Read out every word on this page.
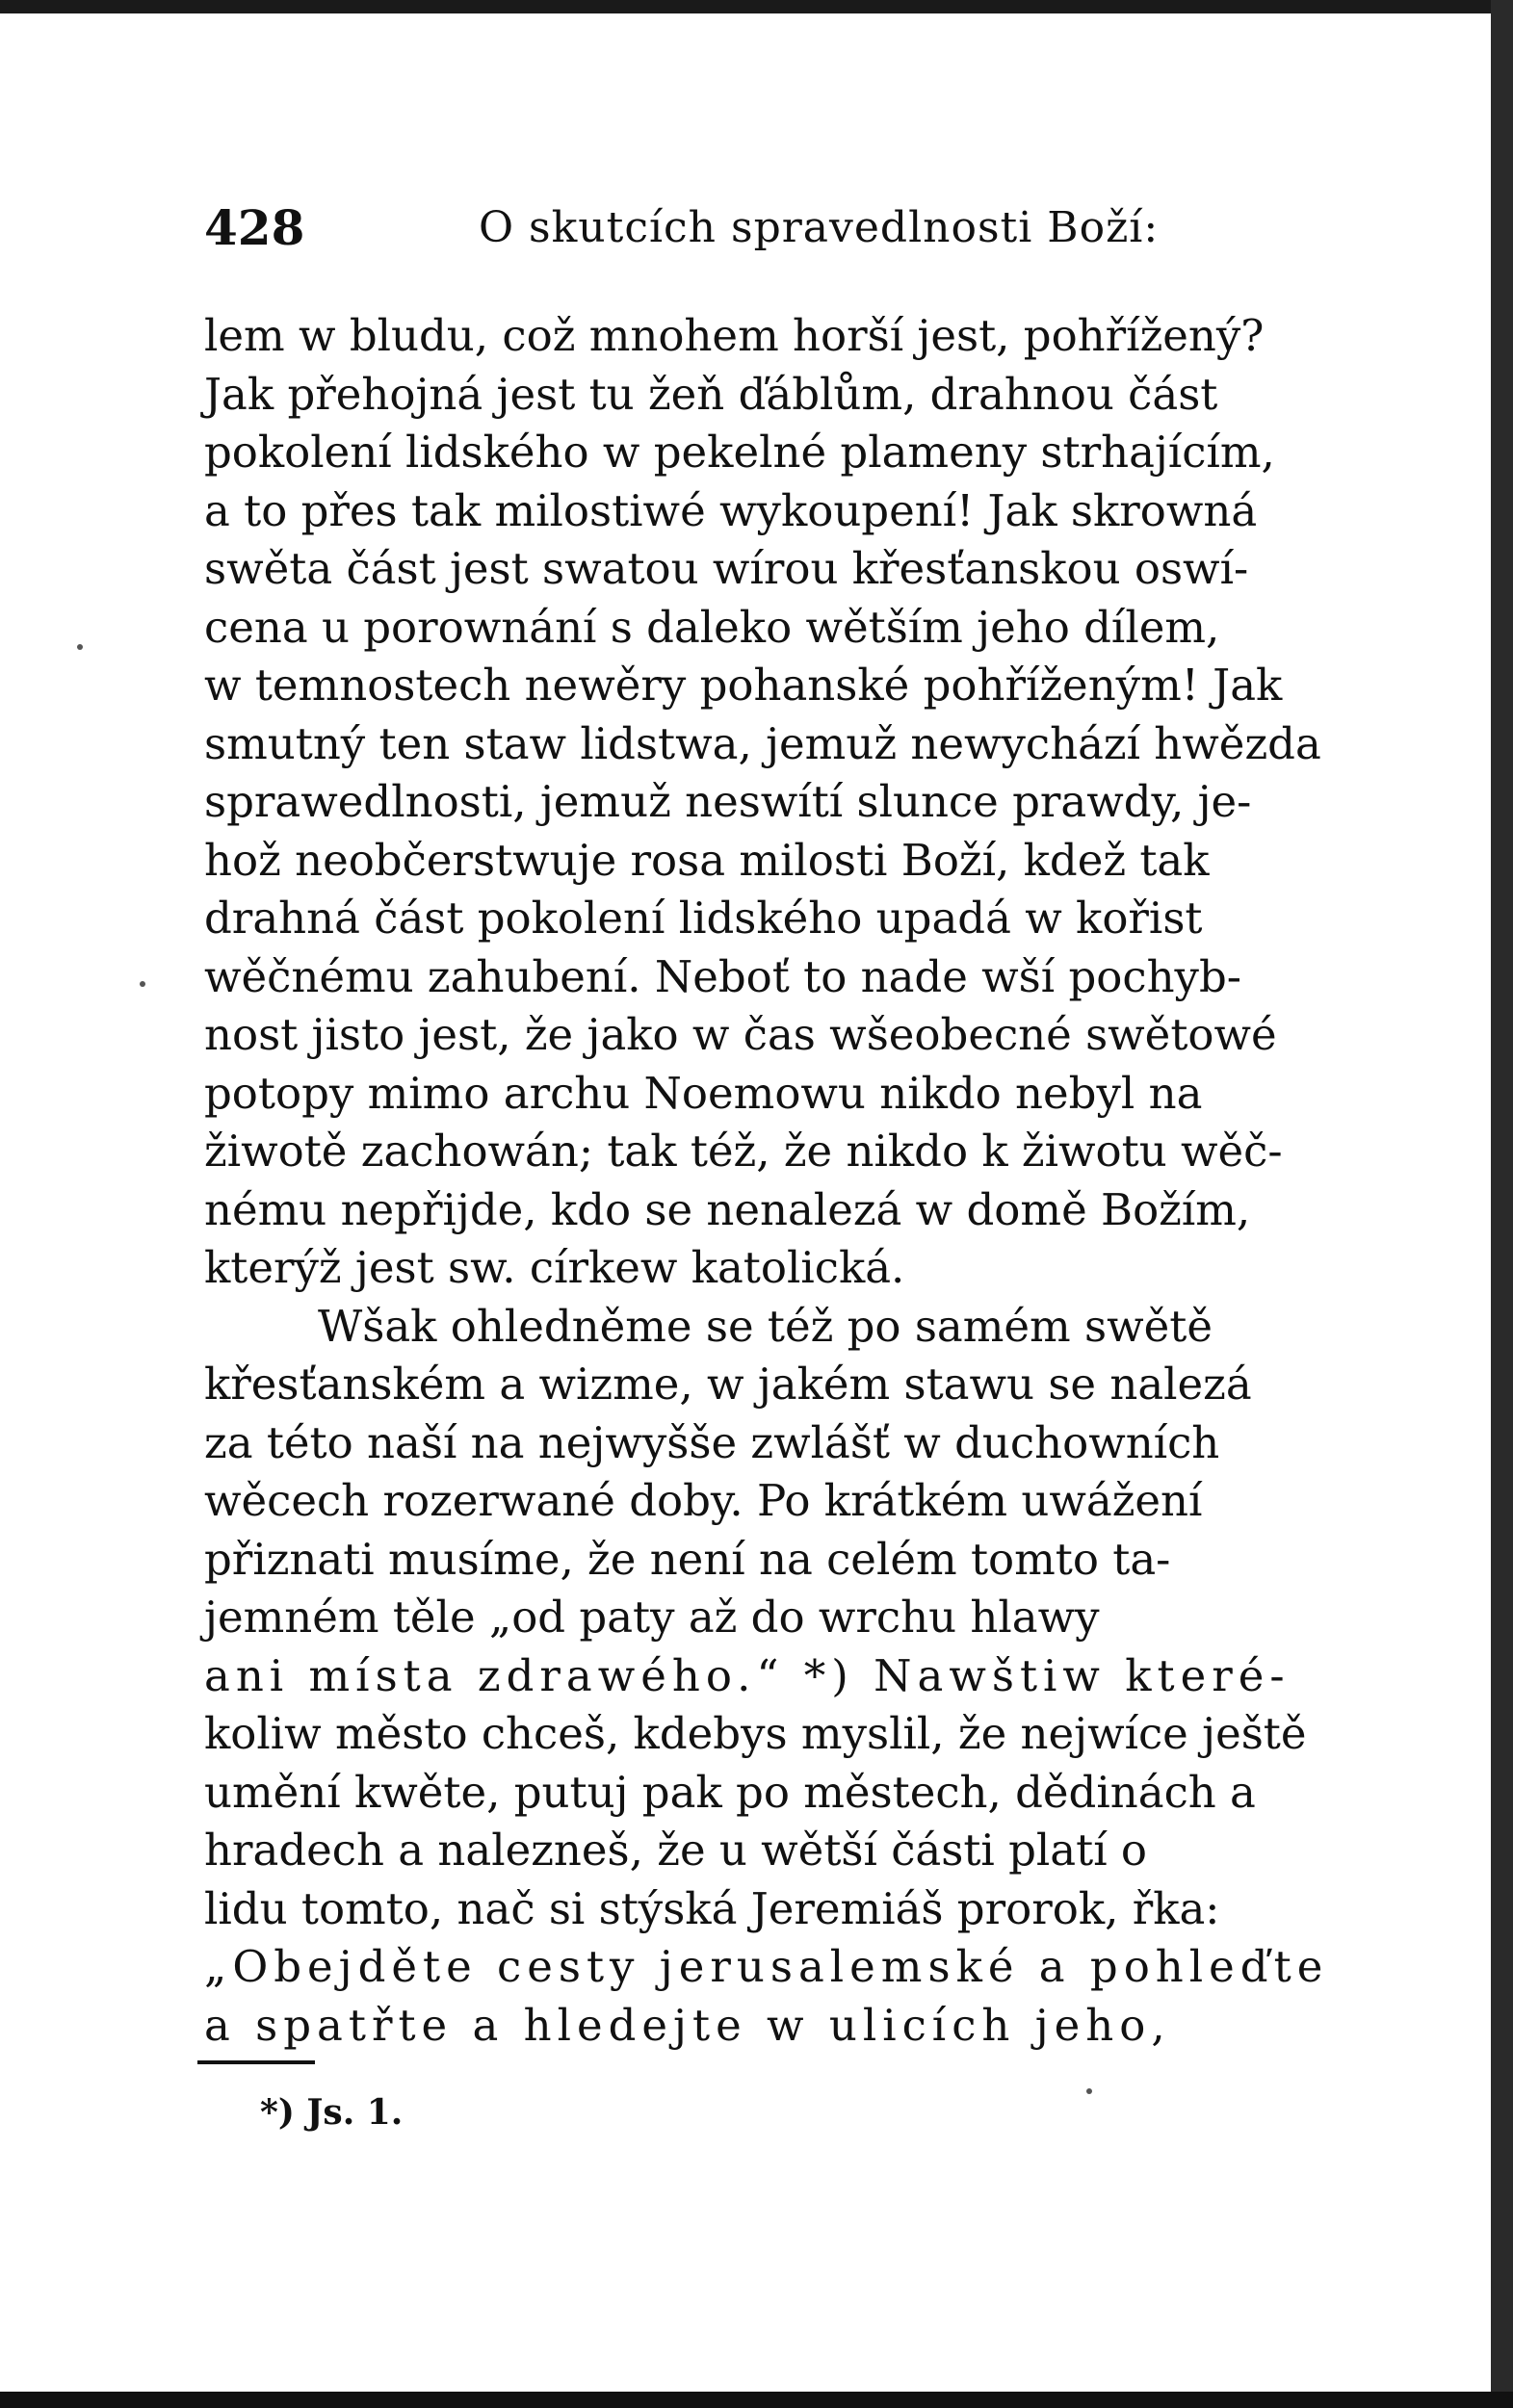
428	O skutcích spravedlnosti Boží:
lem w bludu, což mnohem horší jest, pohřížený?
Jak přehojná jest tu žeň ďáblům, drahnou část
pokolení lidského w pekelné plameny strhajícím,
a to přes tak milostiwé wykoupení! Jak skrowná
swěta část jest swatou wírou křesťanskou oswí-
cena u porownání s daleko wětším jeho dílem,
w temnostech newěry pohanské pohříženým! Jak
smutný ten staw lidstwa, jemuž newychází hwězda
sprawedlnosti, jemuž neswítí slunce prawdy, je-
hož neobčerstwuje rosa milosti Boží, kdež tak
drahná část pokolení lidského upadá w kořist
wěčnému zahubení. Neboť to nade wší pochyb-
nost jisto jest, že jako w čas wšeobecné swětowé
potopy mimo archu Noemowu nikdo nebyl na
žiwotě zachowán; tak též, že nikdo k žiwotu wěč-
nému nepřijde, kdo se nenalezá w domě Božím,
kterýž jest sw. církew katolická.
Wšak ohledněme se též po samém swětě
křesťanském a wizme, w jakém stawu se nalezá
za této naší na nejwyšše zwlášť w duchowních
wěcech rozerwané doby. Po krátkém uwážení
přiznati musíme, že není na celém tomto ta-
jemném těle „od paty až do wrchu hlawy
ani místa zdrawého.“ *) Nawštiw které-
koliw město chceš, kdebys myslil, že nejwíce ještě
umění kwěte, putuj pak po městech, dědinách a
hradech a nalezneš, že u wětší části platí o
lidu tomto, nač si stýská Jeremiáš prorok, řka:
„Obejděte cesty jerusalemské a pohleďte
a spatřte a hledejte w ulicích jeho,
*) Js. 1.
